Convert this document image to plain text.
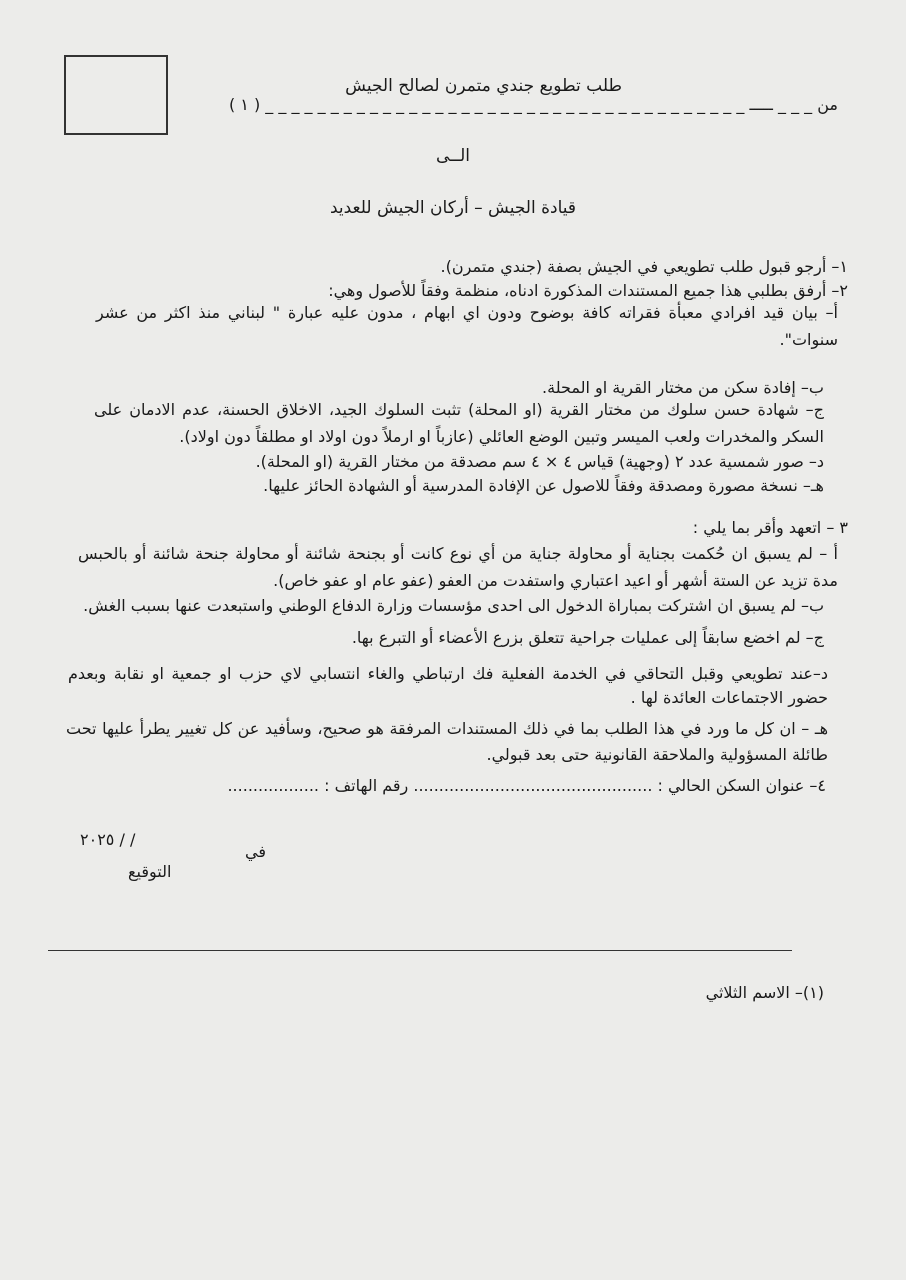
طلب تطويع جندي متمرن لصالح الجيش
من _ _ _ ـــــ _ _ _ _ _ _ _ _ _ _ _ _ _ _ _ _ _ _ _ _ _ _ _ _ _ _ _ _ _ _ _ _ _ _ _ _ _ ( ١ )
الــى
قيادة الجيش – أركان الجيش للعديد
١– أرجو قبول طلب تطويعي في الجيش بصفة (جندي متمرن).
٢– أرفق بطلبي هذا جميع المستندات المذكورة ادناه، منظمة وفقاً للأصول وهي:
أ– بيان قيد افرادي معبأة فقراته كافة بوضوح ودون اي ابهام ، مدون عليه عبارة " لبناني منذ اكثر من عشر سنوات".
ب– إفادة سكن من مختار القرية او المحلة.
ج– شهادة حسن سلوك من مختار القرية (او المحلة) تثبت السلوك الجيد، الاخلاق الحسنة، عدم الادمان على السكر والمخدرات ولعب الميسر وتبين الوضع العائلي (عازباً او ارملاً دون اولاد او مطلقاً دون اولاد).
د– صور شمسية عدد ٢ (وجهية) قياس ٤ × ٤ سم مصدقة من مختار القرية (او المحلة).
هـ– نسخة مصورة ومصدقة وفقاً للاصول عن الإفادة المدرسية أو الشهادة الحائز عليها.
٣ – اتعهد وأقر بما يلي :
أ – لم يسبق ان حُكمت بجناية أو محاولة جناية من أي نوع كانت أو بجنحة شائنة أو محاولة جنحة شائنة أو بالحبس مدة تزيد عن الستة أشهر أو اعيد اعتباري واستفدت من العفو (عفو عام او عفو خاص).
ب– لم يسبق ان اشتركت بمباراة الدخول الى احدى مؤسسات وزارة الدفاع الوطني واستبعدت عنها بسبب الغش.
ج– لم اخضع سابقاً إلى عمليات جراحية تتعلق بزرع الأعضاء أو التبرع بها.
د–عند تطويعي وقبل التحاقي في الخدمة الفعلية فك ارتباطي والغاء انتسابي لاي حزب او جمعية او نقابة وبعدم حضور الاجتماعات العائدة لها .
هـ – ان كل ما ورد في هذا الطلب بما في ذلك المستندات المرفقة هو صحيح، وسأفيد عن كل تغيير يطرأ عليها تحت طائلة المسؤولية والملاحقة القانونية حتى بعد قبولي.
٤– عنوان السكن الحالي : ............................................... رقم الهاتف : ..................
في
٢٠٢٥ / /
التوقيع
(١)– الاسم الثلاثي
